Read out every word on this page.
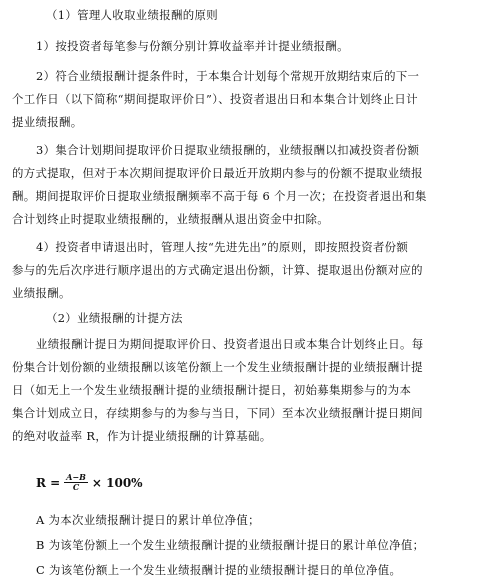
（1）管理人收取业绩报酬的原则
1）按投资者每笔参与份额分别计算收益率并计提业绩报酬。
2）符合业绩报酬计提条件时，于本集合计划每个常规开放期结束后的下一
个工作日（以下简称“期间提取评价日”）、投资者退出日和本集合计划终止日计
提业绩报酬。
3）集合计划期间提取评价日提取业绩报酬的，业绩报酬以扣减投资者份额
的方式提取，但对于本次期间提取评价日最近开放期内参与的份额不提取业绩报
酬。期间提取评价日提取业绩报酬频率不高于每 6 个月一次；在投资者退出和集
合计划终止时提取业绩报酬的，业绩报酬从退出资金中扣除。
4）投资者申请退出时，管理人按“先进先出”的原则，即按照投资者份额
参与的先后次序进行顺序退出的方式确定退出份额，计算、提取退出份额对应的
业绩报酬。
（2）业绩报酬的计提方法
业绩报酬计提日为期间提取评价日、投资者退出日或本集合计划终止日。每
份集合计划份额的业绩报酬以该笔份额上一个发生业绩报酬计提的业绩报酬计提
日（如无上一个发生业绩报酬计提的业绩报酬计提日，初始募集期参与的为本
集合计划成立日，存续期参与的为参与当日，下同）至本次业绩报酬计提日期间
的绝对收益率 R，作为计提业绩报酬的计算基础。
$R = \frac{A-B}{C} \times 100\%$
A 为本次业绩报酬计提日的累计单位净值；
B 为该笔份额上一个发生业绩报酬计提的业绩报酬计提日的累计单位净值；
C 为该笔份额上一个发生业绩报酬计提的业绩报酬计提日的单位净值。
